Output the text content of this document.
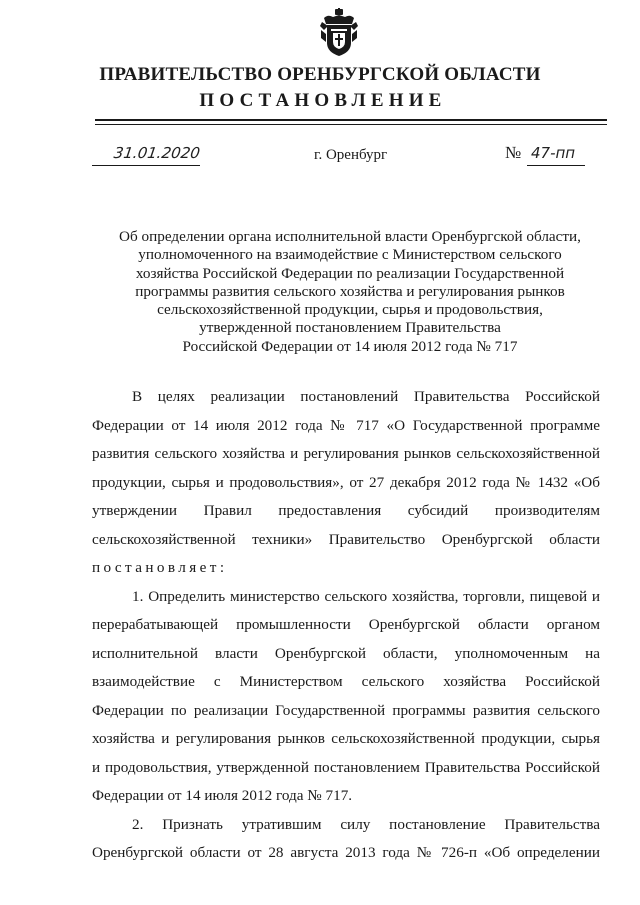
ПРАВИТЕЛЬСТВО ОРЕНБУРГСКОЙ ОБЛАСТИ
ПОСТАНОВЛЕНИЕ
31.01.2020	г. Оренбург	№ 47-пп
Об определении органа исполнительной власти Оренбургской области,
уполномоченного на взаимодействие с Министерством сельского
хозяйства Российской Федерации по реализации Государственной
программы развития сельского хозяйства и регулирования рынков
сельскохозяйственной продукции, сырья и продовольствия,
утвержденной постановлением Правительства
Российской Федерации от 14 июля 2012 года № 717
В целях реализации постановлений Правительства Российской
Федерации от 14 июля 2012 года № 717 «О Государственной программе
развития сельского хозяйства и регулирования рынков сельскохозяйственной
продукции, сырья и продовольствия», от 27 декабря 2012 года № 1432 «Об
утверждении Правил предоставления субсидий производителям
сельскохозяйственной техники» Правительство Оренбургской области
постановляет:
1. Определить министерство сельского хозяйства, торговли, пищевой и
перерабатывающей промышленности Оренбургской области органом
исполнительной власти Оренбургской области, уполномоченным на
взаимодействие с Министерством сельского хозяйства Российской
Федерации по реализации Государственной программы развития сельского
хозяйства и регулирования рынков сельскохозяйственной продукции, сырья
и продовольствия, утвержденной постановлением Правительства Российской
Федерации от 14 июля 2012 года № 717.
2. Признать утратившим силу постановление Правительства
Оренбургской области от 28 августа 2013 года № 726-п «Об определении
